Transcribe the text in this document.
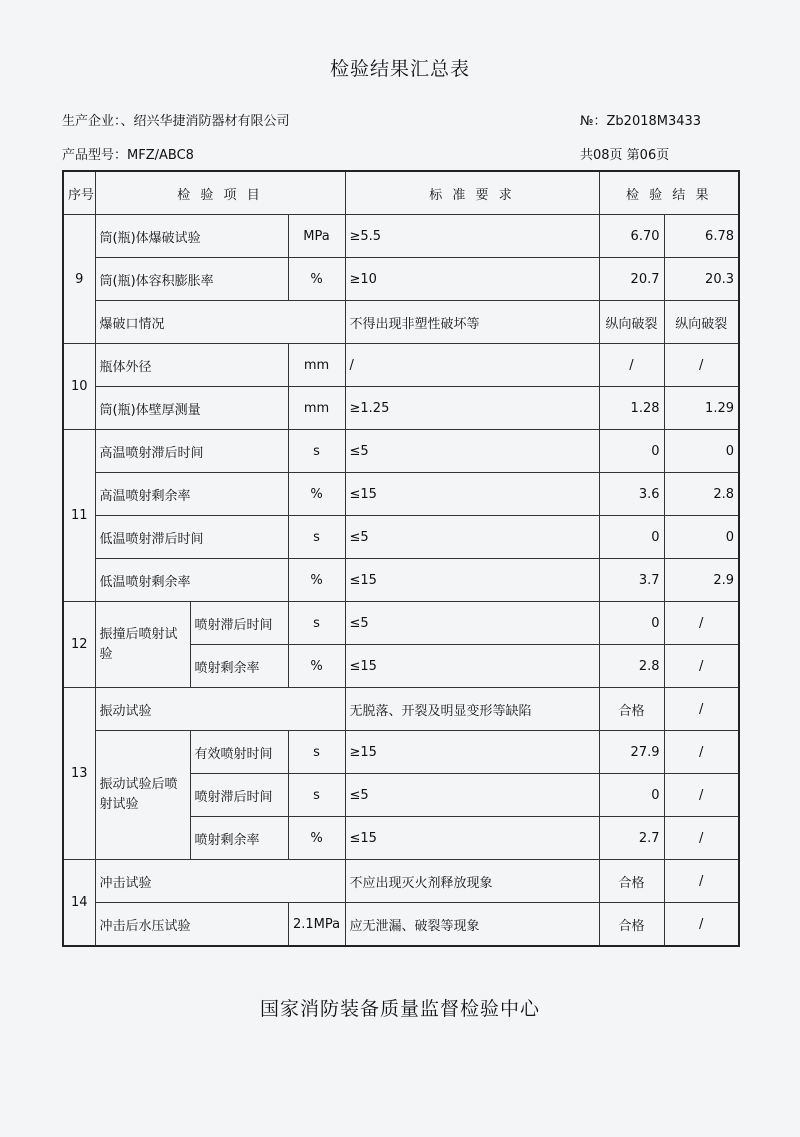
检验结果汇总表
生产企业：、绍兴华捷消防器材有限公司	№：Zb2018M3433
产品型号：MFZ/ABC8	共08页 第06页
序号	检 验 项 目			标 准 要 求	检 验 结 果	
9	筒(瓶)体爆破试验		MPa	≥5.5	6.70	6.78
	筒(瓶)体容积膨胀率		%	≥10	20.7	20.3
	爆破口情况			不得出现非塑性破坏等	纵向破裂	纵向破裂
10	瓶体外径		mm	/	/	/
	筒(瓶)体壁厚测量		mm	≥1.25	1.28	1.29
11	高温喷射滞后时间		s	≤5	0	0
	高温喷射剩余率		%	≤15	3.6	2.8
	低温喷射滞后时间		s	≤5	0	0
	低温喷射剩余率		%	≤15	3.7	2.9
12	振撞后喷射试验	喷射滞后时间	s	≤5	0	/
		喷射剩余率	%	≤15	2.8	/
13	振动试验			无脱落、开裂及明显变形等缺陷	合格	/
	振动试验后喷射试验	有效喷射时间	s	≥15	27.9	/
		喷射滞后时间	s	≤5	0	/
		喷射剩余率	%	≤15	2.7	/
14	冲击试验			不应出现灭火剂释放现象	合格	/
	冲击后水压试验		2.1MPa	应无泄漏、破裂等现象	合格	/
国家消防装备质量监督检验中心
